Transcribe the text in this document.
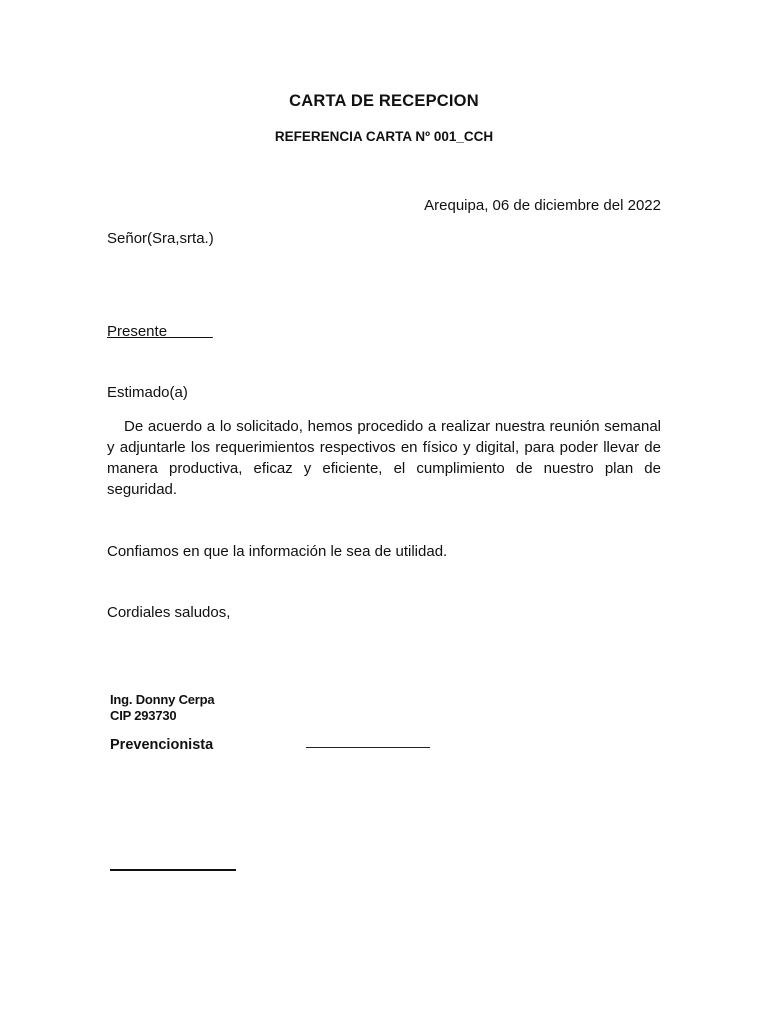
CARTA DE RECEPCION
REFERENCIA CARTA Nº 001_CCH
Arequipa, 06 de diciembre del 2022
Señor(Sra,srta.)
Presente
Estimado(a)

De acuerdo a lo solicitado, hemos procedido a realizar nuestra reunión semanal y adjuntarle los requerimientos respectivos en físico y digital, para poder llevar de manera productiva, eficaz y eficiente, el cumplimiento de nuestro plan de seguridad.

Confiamos en que la información le sea de utilidad.
Cordiales saludos,
Ing. Donny Cerpa
CIP 293730
Prevencionista
